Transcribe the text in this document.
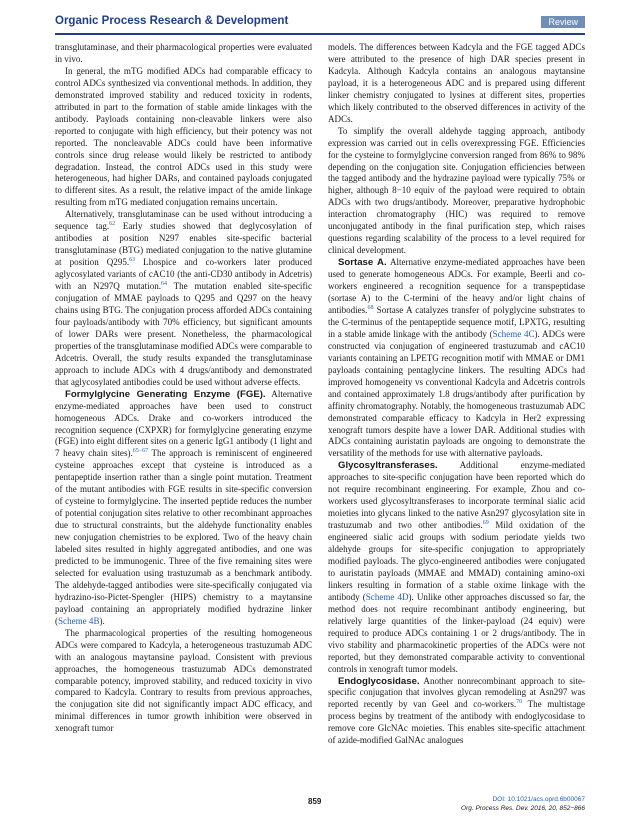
Organic Process Research & Development	Review

transglutaminase, and their pharmacological properties were evaluated in vivo.

In general, the mTG modified ADCs had comparable efficacy to control ADCs synthesized via conventional methods. In addition, they demonstrated improved stability and reduced toxicity in rodents, attributed in part to the formation of stable amide linkages with the antibody. Payloads containing non-cleavable linkers were also reported to conjugate with high efficiency, but their potency was not reported. The noncleavable ADCs could have been informative controls since drug release would likely be restricted to antibody degradation. Instead, the control ADCs used in this study were heterogeneous, had higher DARs, and contained payloads conjugated to different sites. As a result, the relative impact of the amide linkage resulting from mTG mediated conjugation remains uncertain.

Alternatively, transglutaminase can be used without introducing a sequence tag.$^{62}$ Early studies showed that deglycosylation of antibodies at position N297 enables site-specific bacterial transglutaminase (BTG) mediated conjugation to the native glutamine at position Q295.63 Lhospice and co-workers later produced aglycosylated variants of cAC10 (the anti-CD30 antibody in Adcetris) with an N297Q mutation.$^{64}$ The mutation enabled site-specific conjugation of MMAE payloads to Q295 and Q297 on the heavy chains using BTG. The conjugation process afforded ADCs containing four payloads/antibody with 70% efficiency, but significant amounts of lower DARs were present. Nonetheless, the pharmacological properties of the transglutaminase modified ADCs were comparable to Adcetris. Overall, the study results expanded the transglutaminase approach to include ADCs with 4 drugs/antibody and demonstrated that aglycosylated antibodies could be used without adverse effects.

Formylglycine Generating Enzyme (FGE). Alternative enzyme-mediated approaches have been used to construct homogeneous ADCs. Drake and co-workers introduced the recognition sequence (CXPXR) for formylglycine generating enzyme (FGE) into eight different sites on a generic IgG1 antibody (1 light and 7 heavy chain sites).$^{65-67}$ The approach is reminiscent of engineered cysteine approaches except that cysteine is introduced as a pentapeptide insertion rather than a single point mutation. Treatment of the mutant antibodies with FGE results in site-specific conversion of cysteine to formylglycine. The inserted peptide reduces the number of potential conjugation sites relative to other recombinant approaches due to structural constraints, but the aldehyde functionality enables new conjugation chemistries to be explored. Two of the heavy chain labeled sites resulted in highly aggregated antibodies, and one was predicted to be immunogenic. Three of the five remaining sites were selected for evaluation using trastuzumab as a benchmark antibody. The aldehyde-tagged antibodies were site-specifically conjugated via hydrazino-iso-Pictet-Spengler (HIPS) chemistry to a maytansine payload containing an appropriately modified hydrazine linker (Scheme 4B).

The pharmacological properties of the resulting homogeneous ADCs were compared to Kadcyla, a heterogeneous trastuzumab ADC with an analogous maytansine payload. Consistent with previous approaches, the homogeneous trastuzumab ADCs demonstrated comparable potency, improved stability, and reduced toxicity in vivo compared to Kadcyla. Contrary to results from previous approaches, the conjugation site did not significantly impact ADC efficacy, and minimal differences in tumor growth inhibition were observed in xenograft tumor

models. The differences between Kadcyla and the FGE tagged ADCs were attributed to the presence of high DAR species present in Kadcyla. Although Kadcyla contains an analogous maytansine payload, it is a heterogeneous ADC and is prepared using different linker chemistry conjugated to lysines at different sites, properties which likely contributed to the observed differences in activity of the ADCs.

To simplify the overall aldehyde tagging approach, antibody expression was carried out in cells overexpressing FGE. Efficiencies for the cysteine to formylglycine conversion ranged from 86% to 98% depending on the conjugation site. Conjugation efficiencies between the tagged antibody and the hydrazine payload were typically 75% or higher, although 8−10 equiv of the payload were required to obtain ADCs with two drugs/antibody. Moreover, preparative hydrophobic interaction chromatography (HIC) was required to remove unconjugated antibody in the final purification step, which raises questions regarding scalability of the process to a level required for clinical development.

Sortase A. Alternative enzyme-mediated approaches have been used to generate homogeneous ADCs. For example, Beerli and co-workers engineered a recognition sequence for a transpeptidase (sortase A) to the C-termini of the heavy and/or light chains of antibodies.$^{68}$ Sortase A catalyzes transfer of polyglycine substrates to the C-terminus of the pentapeptide sequence motif, LPXTG, resulting in a stable amide linkage with the antibody (Scheme 4C). ADCs were constructed via conjugation of engineered trastuzumab and cAC10 variants containing an LPETG recognition motif with MMAE or DM1 payloads containing pentaglycine linkers. The resulting ADCs had improved homogeneity vs conventional Kadcyla and Adcetris controls and contained approximately 1.8 drugs/antibody after purification by affinity chromatography. Notably, the homogeneous trastuzumab ADC demonstrated comparable efficacy to Kadcyla in Her2 expressing xenograft tumors despite have a lower DAR. Additional studies with ADCs containing auristatin payloads are ongoing to demonstrate the versatility of the methods for use with alternative payloads.

Glycosyltransferases. Additional enzyme-mediated approaches to site-specific conjugation have been reported which do not require recombinant engineering. For example, Zhou and co-workers used glycosyltransferases to incorporate terminal sialic acid moieties into glycans linked to the native Asn297 glycosylation site in trastuzumab and two other antibodies.$^{69}$ Mild oxidation of the engineered sialic acid groups with sodium periodate yields two aldehyde groups for site-specific conjugation to appropriately modified payloads. The glyco-engineered antibodies were conjugated to auristatin payloads (MMAE and MMAD) containing amino-oxi linkers resulting in formation of a stable oxime linkage with the antibody (Scheme 4D). Unlike other approaches discussed so far, the method does not require recombinant antibody engineering, but relatively large quantities of the linker-payload (24 equiv) were required to produce ADCs containing 1 or 2 drugs/antibody. The in vivo stability and pharmacokinetic properties of the ADCs were not reported, but they demonstrated comparable activity to conventional controls in xenograft tumor models.

Endoglycosidase. Another nonrecombinant approach to site-specific conjugation that involves glycan remodeling at Asn297 was reported recently by van Geel and co-workers.$^{70}$ The multistage process begins by treatment of the antibody with endoglycosidase to remove core GlcNAc moieties. This enables site-specific attachment of azide-modified GalNAc analogues

859	DOI: 10.1021/acs.oprd.6b00067
Org. Process Res. Dev. 2016, 20, 852−866
